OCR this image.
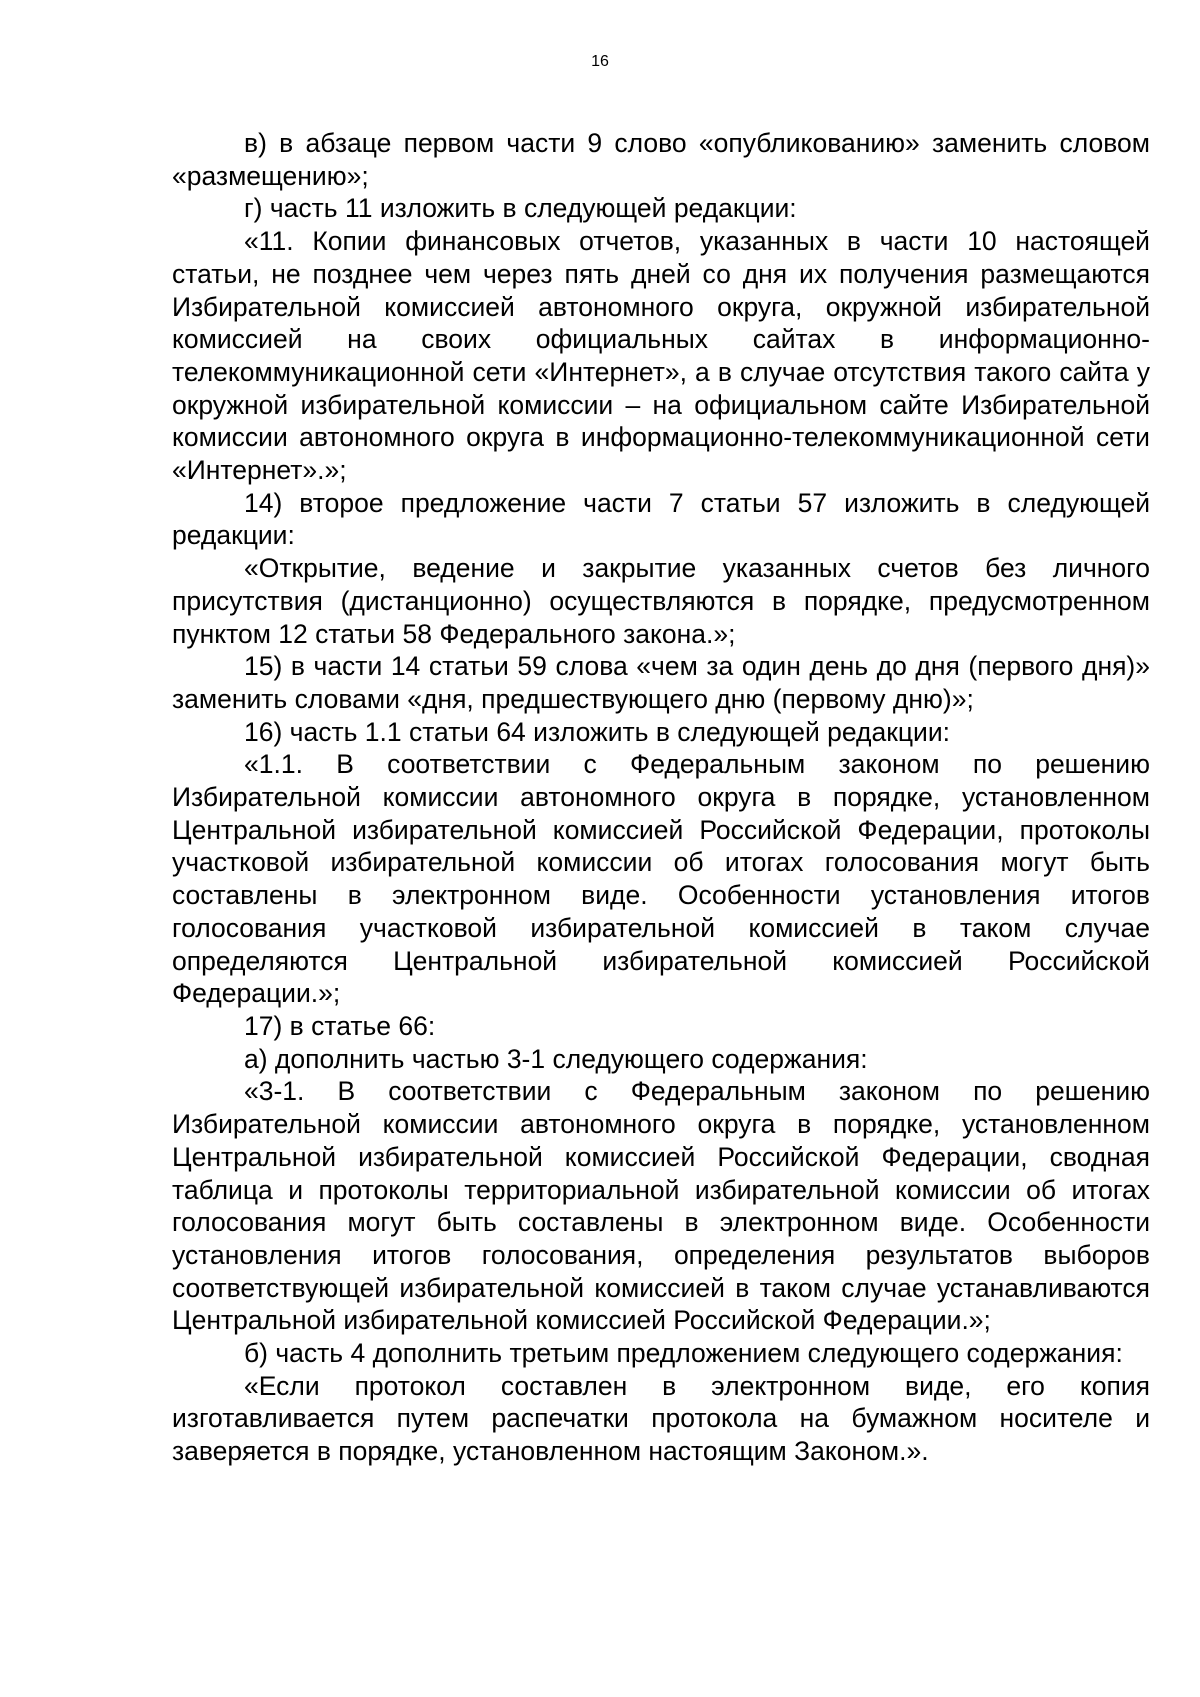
16

в) в абзаце первом части 9 слово «опубликованию» заменить словом «размещению»;

г) часть 11 изложить в следующей редакции:

«11. Копии финансовых отчетов, указанных в части 10 настоящей статьи, не позднее чем через пять дней со дня их получения размещаются Избирательной комиссией автономного округа, окружной избирательной комиссией на своих официальных сайтах в информационно-телекоммуникационной сети «Интернет», а в случае отсутствия такого сайта у окружной избирательной комиссии – на официальном сайте Избирательной комиссии автономного округа в информационно-телекоммуникационной сети «Интернет».»;

14) второе предложение части 7 статьи 57 изложить в следующей редакции:

«Открытие, ведение и закрытие указанных счетов без личного присутствия (дистанционно) осуществляются в порядке, предусмотренном пунктом 12 статьи 58 Федерального закона.»;

15) в части 14 статьи 59 слова «чем за один день до дня (первого дня)» заменить словами «дня, предшествующего дню (первому дню)»;

16) часть 1.1 статьи 64 изложить в следующей редакции:

«1.1. В соответствии с Федеральным законом по решению Избирательной комиссии автономного округа в порядке, установленном Центральной избирательной комиссией Российской Федерации, протоколы участковой избирательной комиссии об итогах голосования могут быть составлены в электронном виде. Особенности установления итогов голосования участковой избирательной комиссией в таком случае определяются Центральной избирательной комиссией Российской Федерации.»;

17) в статье 66:

а) дополнить частью 3-1 следующего содержания:

«3-1. В соответствии с Федеральным законом по решению Избирательной комиссии автономного округа в порядке, установленном Центральной избирательной комиссией Российской Федерации, сводная таблица и протоколы территориальной избирательной комиссии об итогах голосования могут быть составлены в электронном виде. Особенности установления итогов голосования, определения результатов выборов соответствующей избирательной комиссией в таком случае устанавливаются Центральной избирательной комиссией Российской Федерации.»;

б) часть 4 дополнить третьим предложением следующего содержания:

«Если протокол составлен в электронном виде, его копия изготавливается путем распечатки протокола на бумажном носителе и заверяется в порядке, установленном настоящим Законом.».
